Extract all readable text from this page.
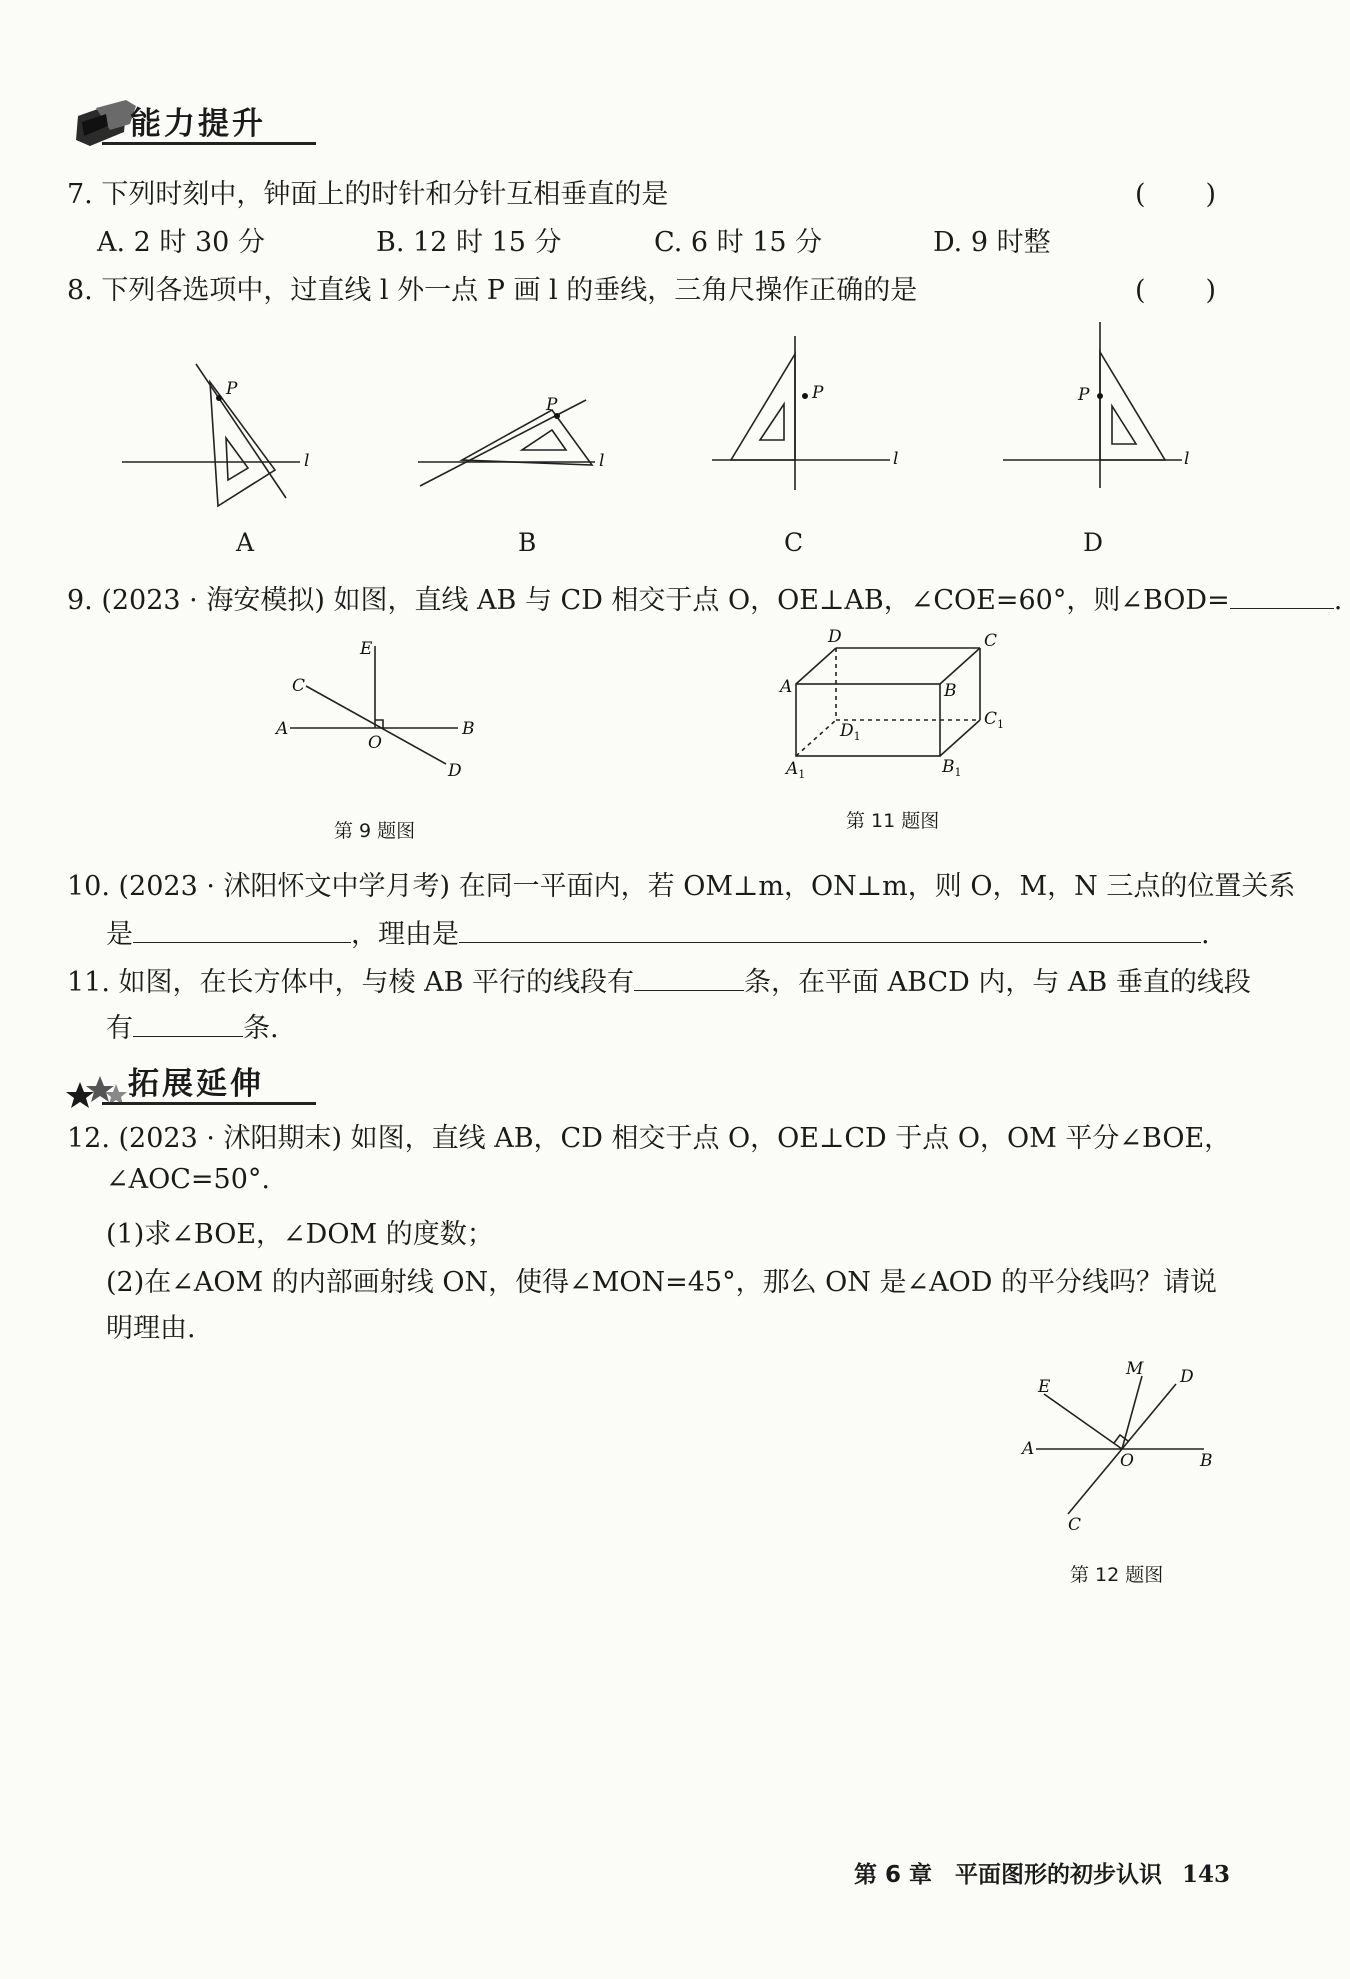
能力提升
7. 下列时刻中，钟面上的时针和分针互相垂直的是	(　　)
A. 2 时 30 分	B. 12 时 15 分	C. 6 时 15 分	D. 9 时整
8. 下列各选项中，过直线 l 外一点 P 画 l 的垂线，三角尺操作正确的是	(　　)
P
l
P
l
P
l
P
l
A	B	C	D
9. (2023 · 海安模拟) 如图，直线 AB 与 CD 相交于点 O，OE⊥AB，∠COE=60°，则∠BOD=	.
E
C
A
O
B
D
第 9 题图
D	C
A	B
$D_1$
$C_1$
$A_1$	$B_1$
第 11 题图
10. (2023 · 沭阳怀文中学月考) 在同一平面内，若 OM⊥m，ON⊥m，则 O，M，N 三点的位置关系
是	，理由是	.
11. 如图，在长方体中，与棱 AB 平行的线段有	条，在平面 ABCD 内，与 AB 垂直的线段
有	条.
拓展延伸
12. (2023 · 沭阳期末) 如图，直线 AB，CD 相交于点 O，OE⊥CD 于点 O，OM 平分∠BOE，
∠AOC=50°.
(1)求∠BOE，∠DOM 的度数；
(2)在∠AOM 的内部画射线 ON，使得∠MON=45°，那么 ON 是∠AOD 的平分线吗？请说
明理由.
M D
E
A
O	B
C
第 12 题图
第 6 章　平面图形的初步认识 143
